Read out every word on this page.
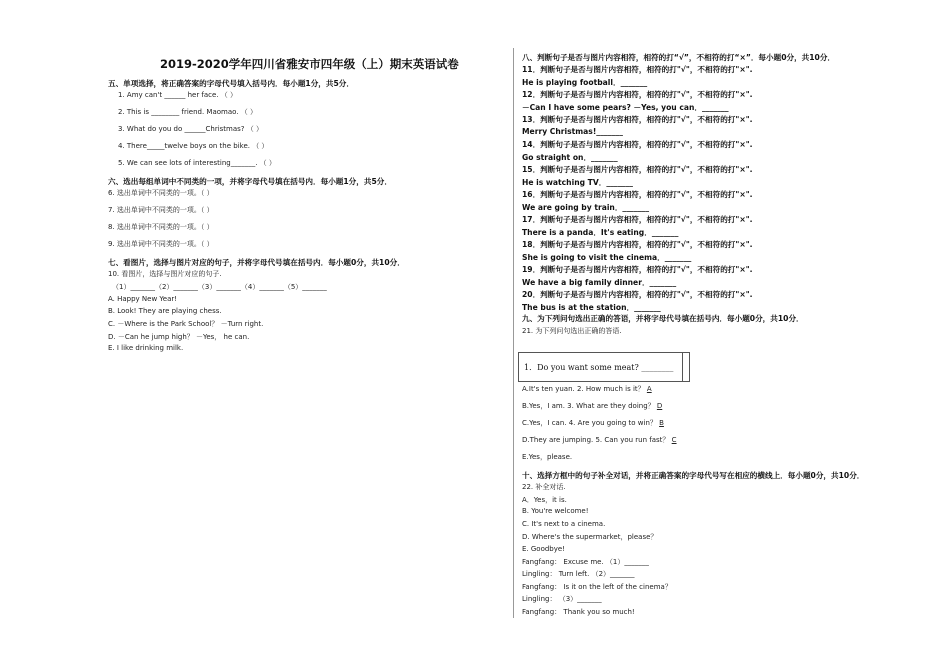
2019-2020学年四川省雅安市四年级（上）期末英语试卷
五、单项选择，将正确答案的字母代号填入括号内．每小题1分，共5分．
1. Amy can't ______ her face. （ ）
2. This is ________ friend. Maomao. （ ）
3. What do you do ______Christmas? （ ）
4. There_____twelve boys on the bike. （ ）
5. We can see lots of interesting_______. （ ）
六、选出每组单词中不同类的一项，并将字母代号填在括号内．每小题1分，共5分．
6. 选出单词中不同类的一项。（ ）
7. 选出单词中不同类的一项。（ ）
8. 选出单词中不同类的一项。（ ）
9. 选出单词中不同类的一项。（ ）
七、看图片，选择与图片对应的句子，并将字母代号填在括号内．每小题0分，共10分．
10. 看图片，选择与图片对应的句子.
（1）_______（2）_______（3）_______（4）_______（5）_______
A. Happy New Year!
B. Look! They are playing chess.
C. －Where is the Park School？ －Turn right.
D. －Can he jump high？ －Yes， he can.
E. I like drinking milk.
八、判断句子是否与图片内容相符，相符的打“√”，不相符的打“×”．每小题0分，共10分．
11．判断句子是否与图片内容相符，相符的打"√"，不相符的打"×".
He is playing football．_______
12．判断句子是否与图片内容相符，相符的打"√"，不相符的打"×".
－Can I have some pears? －Yes, you can．_______
13．判断句子是否与图片内容相符，相符的打"√"，不相符的打"×".
Merry Christmas!_______
14．判断句子是否与图片内容相符，相符的打"√"，不相符的打"×".
Go straight on．_______
15．判断句子是否与图片内容相符，相符的打"√"，不相符的打"×".
He is watching TV．_______
16．判断句子是否与图片内容相符，相符的打"√"，不相符的打"×".
We are going by train．_______
17．判断句子是否与图片内容相符，相符的打"√"，不相符的打"×".
There is a panda．It's eating．_______
18．判断句子是否与图片内容相符，相符的打"√"，不相符的打"×".
She is going to visit the cinema．_______
19．判断句子是否与图片内容相符，相符的打"√"，不相符的打"×".
We have a big family dinner．_______
20．判断句子是否与图片内容相符，相符的打"√"，不相符的打"×".
The bus is at the station．_______
九、为下列问句选出正确的答语，并将字母代号填在括号内．每小题0分，共10分．
21. 为下列问句选出正确的答语.
1．Do you want some meat? ________
A.It's ten yuan. 2. How much is it？ A
B.Yes，I am. 3. What are they doing？ D
C.Yes，I can. 4. Are you going to win？ B
D.They are jumping. 5. Can you run fast？ C
E.Yes，please.
十、选择方框中的句子补全对话，并将正确答案的字母代号写在相应的横线上．每小题0分，共10分．
22. 补全对话.
A．Yes，it is.
B. You're welcome!
C. It's next to a cinema.
D. Where's the supermarket，please？
E. Goodbye!
Fangfang： Excuse me. （1）_______
Lingling： Turn left. （2）_______
Fangfang： Is it on the left of the cinema？
Lingling： （3）_______
Fangfang： Thank you so much!
